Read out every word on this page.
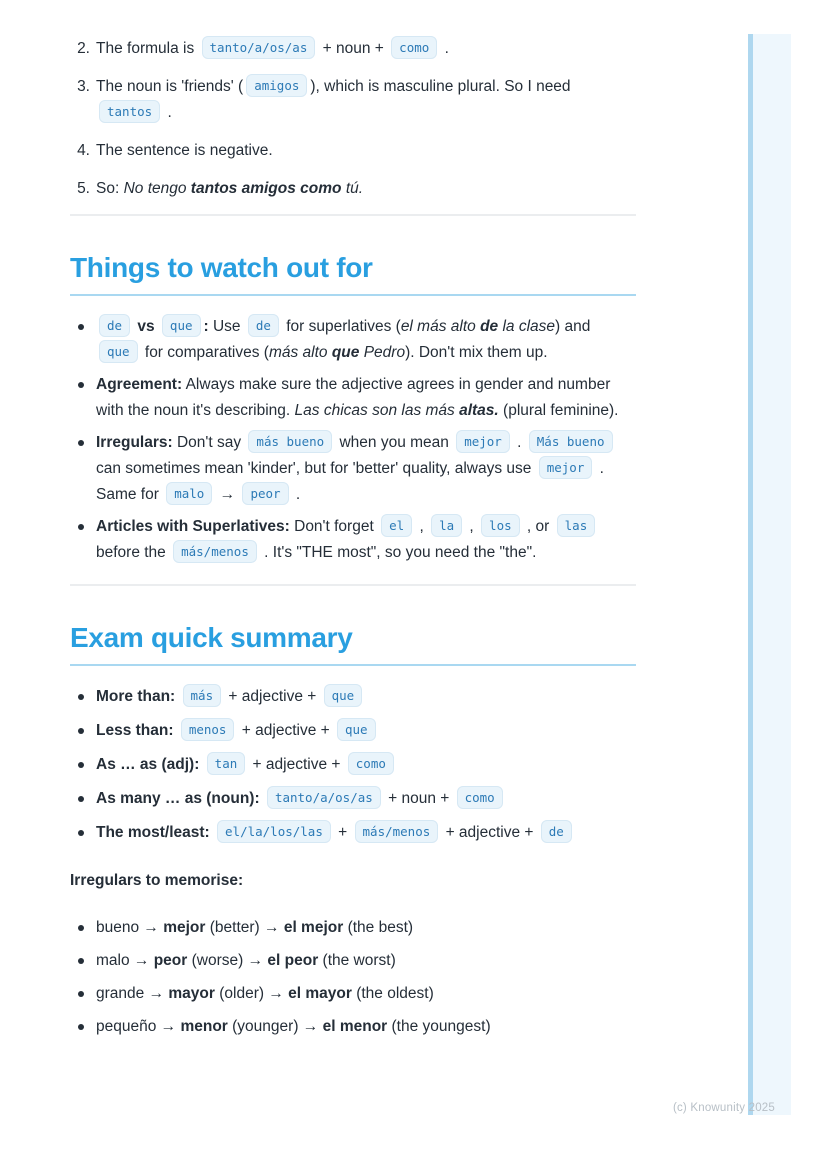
2. The formula is tanto/a/os/as + noun + como .
3. The noun is 'friends' ( amigos ), which is masculine plural. So I need tantos .
4. The sentence is negative.
5. So: No tengo tantos amigos como tú.
Things to watch out for
de vs que : Use de for superlatives (el más alto de la clase) and que for comparatives (más alto que Pedro). Don't mix them up.
Agreement: Always make sure the adjective agrees in gender and number with the noun it's describing. Las chicas son las más altas. (plural feminine).
Irregulars: Don't say más bueno when you mean mejor . Más bueno can sometimes mean 'kinder', but for 'better' quality, always use mejor . Same for malo → peor .
Articles with Superlatives: Don't forget el , la , los , or las before the más/menos . It's "THE most", so you need the "the".
Exam quick summary
More than: más + adjective + que
Less than: menos + adjective + que
As … as (adj): tan + adjective + como
As many … as (noun): tanto/a/os/as + noun + como
The most/least: el/la/los/las + más/menos + adjective + de

Irregulars to memorise:

bueno → mejor (better) → el mejor (the best)
malo → peor (worse) → el peor (the worst)
grande → mayor (older) → el mayor (the oldest)
pequeño → menor (younger) → el menor (the youngest)
(c) Knowunity 2025
